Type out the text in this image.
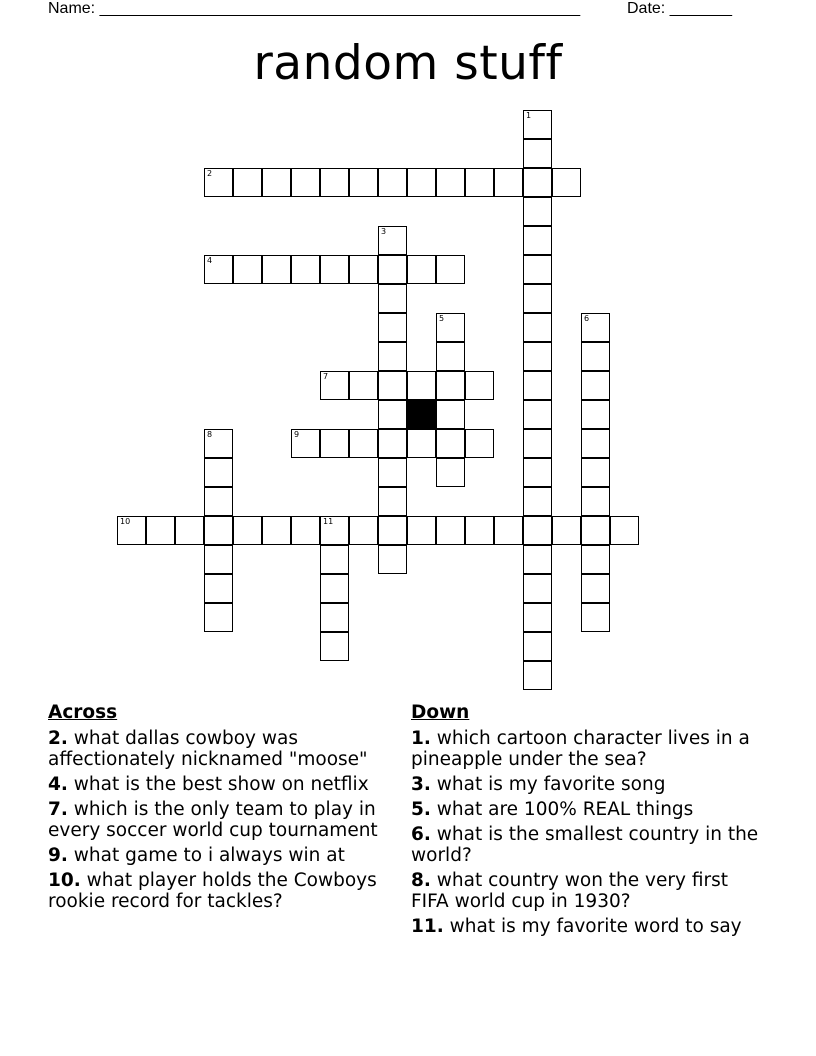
Name: ______________________________________________________	Date: _______
random stuff
1
2
3
4
5	6
7
8	9
10	11
Across
2. what dallas cowboy was affectionately nicknamed "moose"
4. what is the best show on netflix
7. which is the only team to play in every soccer world cup tournament
9. what game to i always win at
10. what player holds the Cowboys rookie record for tackles?
Down
1. which cartoon character lives in a pineapple under the sea?
3. what is my favorite song
5. what are 100% REAL things
6. what is the smallest country in the world?
8. what country won the very first FIFA world cup in 1930?
11. what is my favorite word to say
